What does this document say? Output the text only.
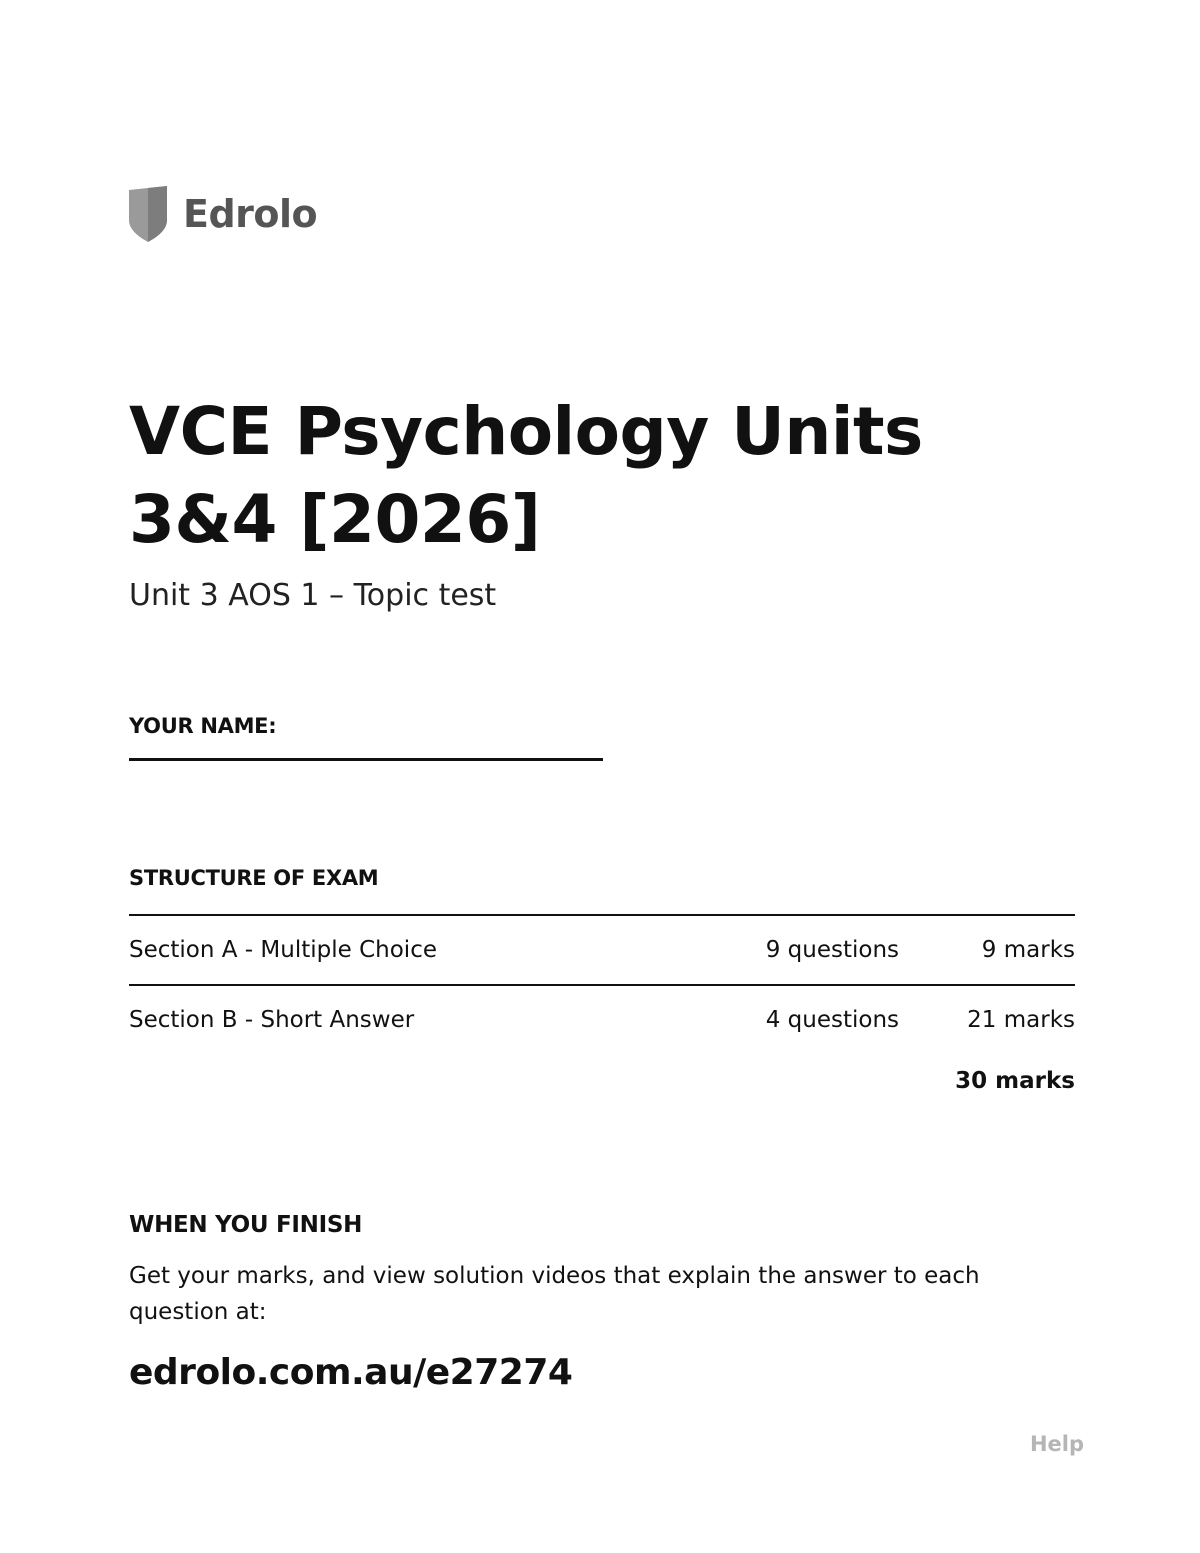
Edrolo
VCE Psychology Units 3&4 [2026]
Unit 3 AOS 1 – Topic test
YOUR NAME:
STRUCTURE OF EXAM
Section A - Multiple Choice	9 questions	9 marks
Section B - Short Answer	4 questions	21 marks
30 marks
WHEN YOU FINISH
Get your marks, and view solution videos that explain the answer to each question at:
edrolo.com.au/e27274
Help
